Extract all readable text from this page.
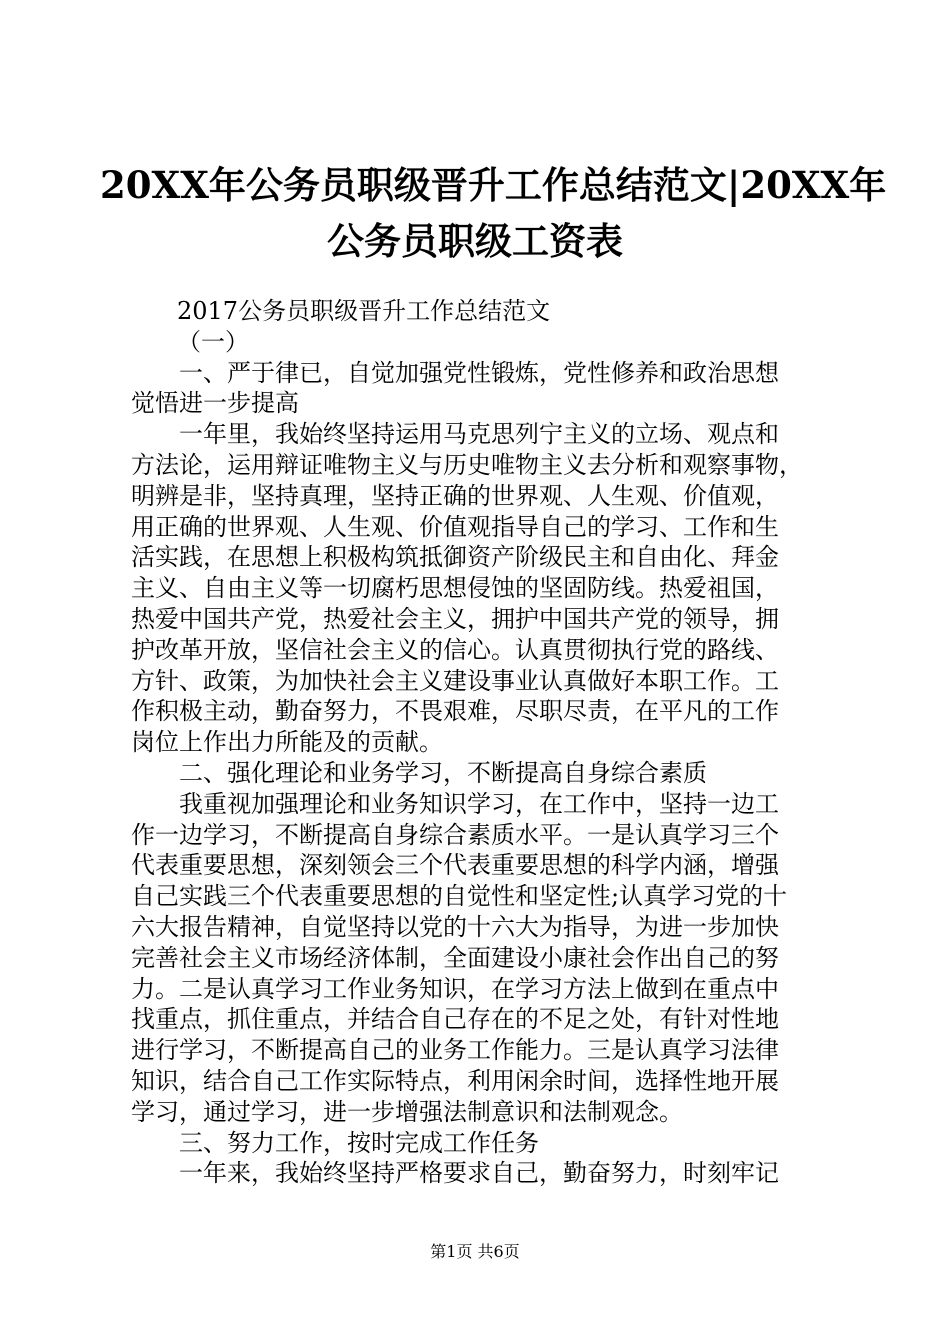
20XX年公务员职级晋升工作总结范文|20XX年
公务员职级工资表
2017公务员职级晋升工作总结范文
（一）
一、严于律已，自觉加强党性锻炼，党性修养和政治思想
觉悟进一步提高
一年里，我始终坚持运用马克思列宁主义的立场、观点和
方法论，运用辩证唯物主义与历史唯物主义去分析和观察事物，
明辨是非，坚持真理，坚持正确的世界观、人生观、价值观，
用正确的世界观、人生观、价值观指导自己的学习、工作和生
活实践，在思想上积极构筑抵御资产阶级民主和自由化、拜金
主义、自由主义等一切腐朽思想侵蚀的坚固防线。热爱祖国，
热爱中国共产党，热爱社会主义，拥护中国共产党的领导，拥
护改革开放，坚信社会主义的信心。认真贯彻执行党的路线、
方针、政策，为加快社会主义建设事业认真做好本职工作。工
作积极主动，勤奋努力，不畏艰难，尽职尽责，在平凡的工作
岗位上作出力所能及的贡献。
二、强化理论和业务学习，不断提高自身综合素质
我重视加强理论和业务知识学习，在工作中，坚持一边工
作一边学习，不断提高自身综合素质水平。一是认真学习三个
代表重要思想，深刻领会三个代表重要思想的科学内涵，增强
自己实践三个代表重要思想的自觉性和坚定性;认真学习党的十
六大报告精神，自觉坚持以党的十六大为指导，为进一步加快
完善社会主义市场经济体制，全面建设小康社会作出自己的努
力。二是认真学习工作业务知识，在学习方法上做到在重点中
找重点，抓住重点，并结合自己存在的不足之处，有针对性地
进行学习，不断提高自己的业务工作能力。三是认真学习法律
知识，结合自己工作实际特点，利用闲余时间，选择性地开展
学习，通过学习，进一步增强法制意识和法制观念。
三、努力工作，按时完成工作任务
一年来，我始终坚持严格要求自己，勤奋努力，时刻牢记
第1页 共6页
